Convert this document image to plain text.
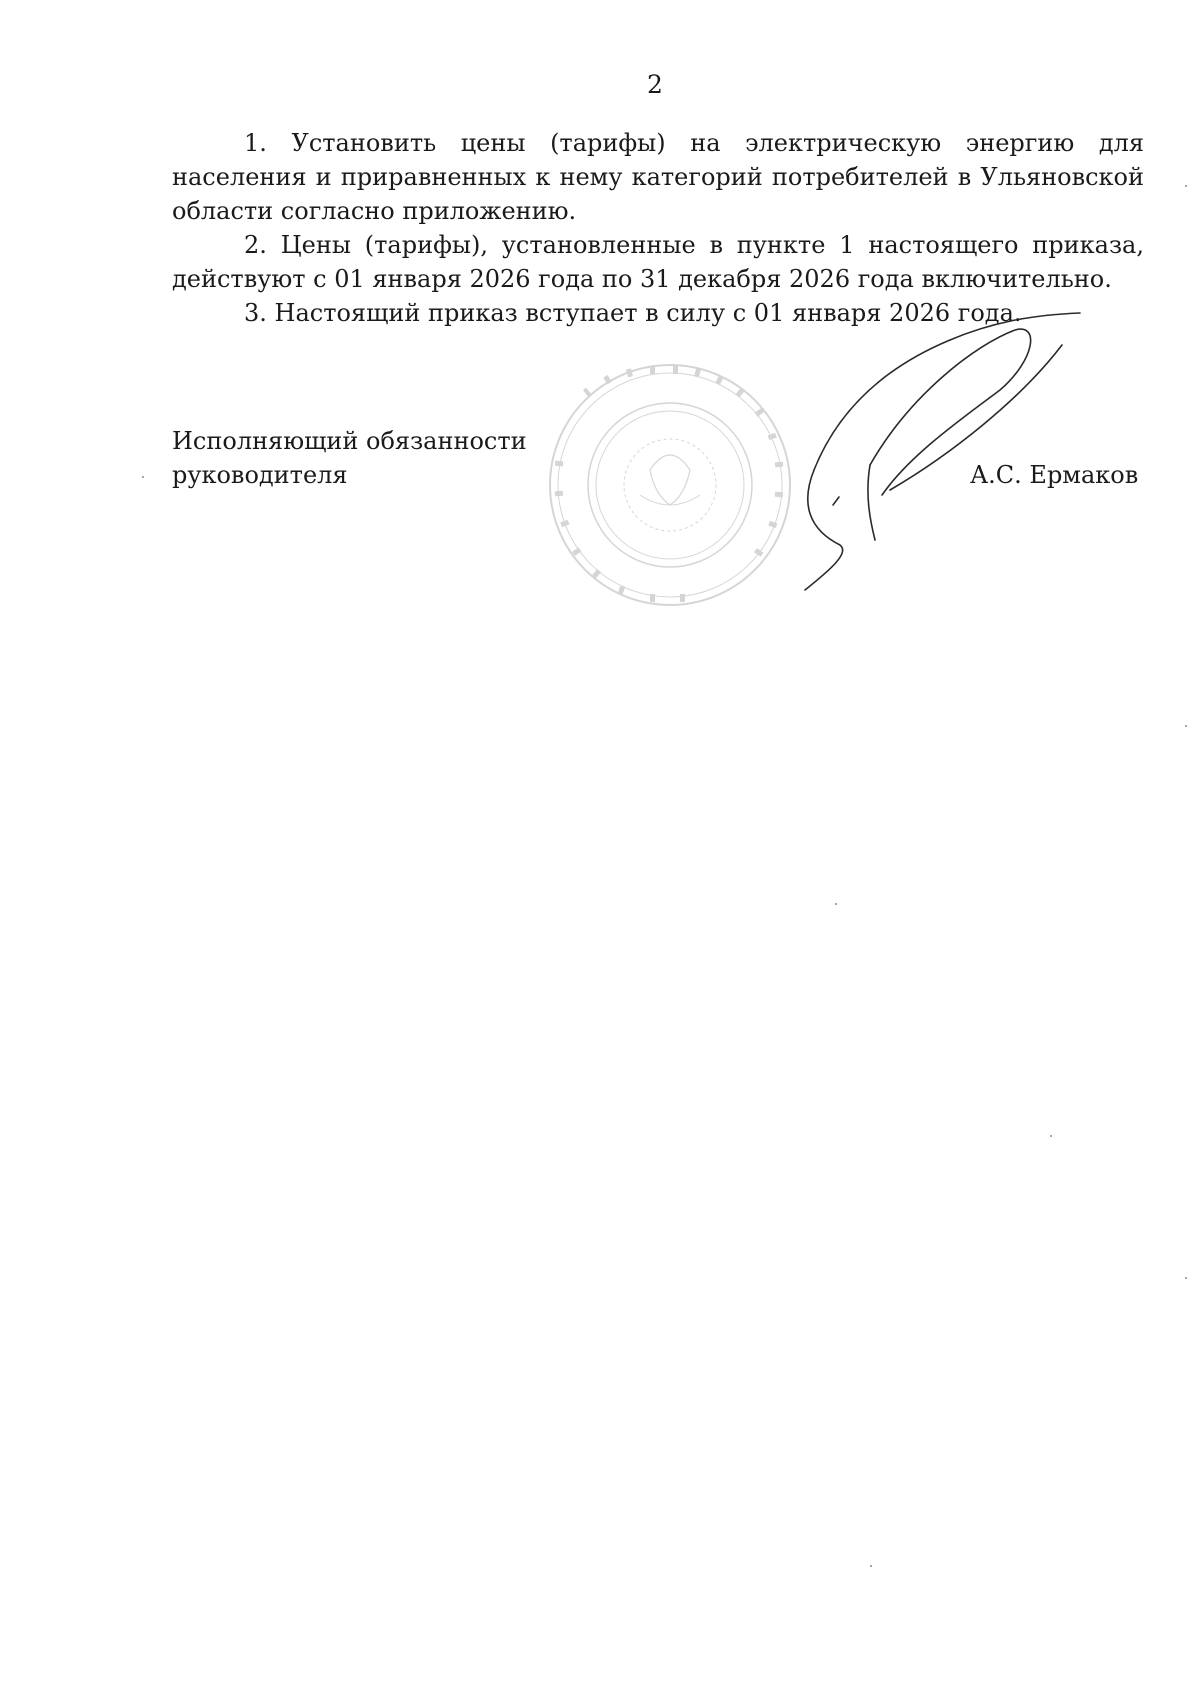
2

1. Установить цены (тарифы) на электрическую энергию для населения и приравненных к нему категорий потребителей в Ульяновской области согласно приложению.

2. Цены (тарифы), установленные в пункте 1 настоящего приказа, действуют с 01 января 2026 года по 31 декабря 2026 года включительно.

3. Настоящий приказ вступает в силу с 01 января 2026 года.

Исполняющий обязанности
руководителя	А.С. Ермаков
